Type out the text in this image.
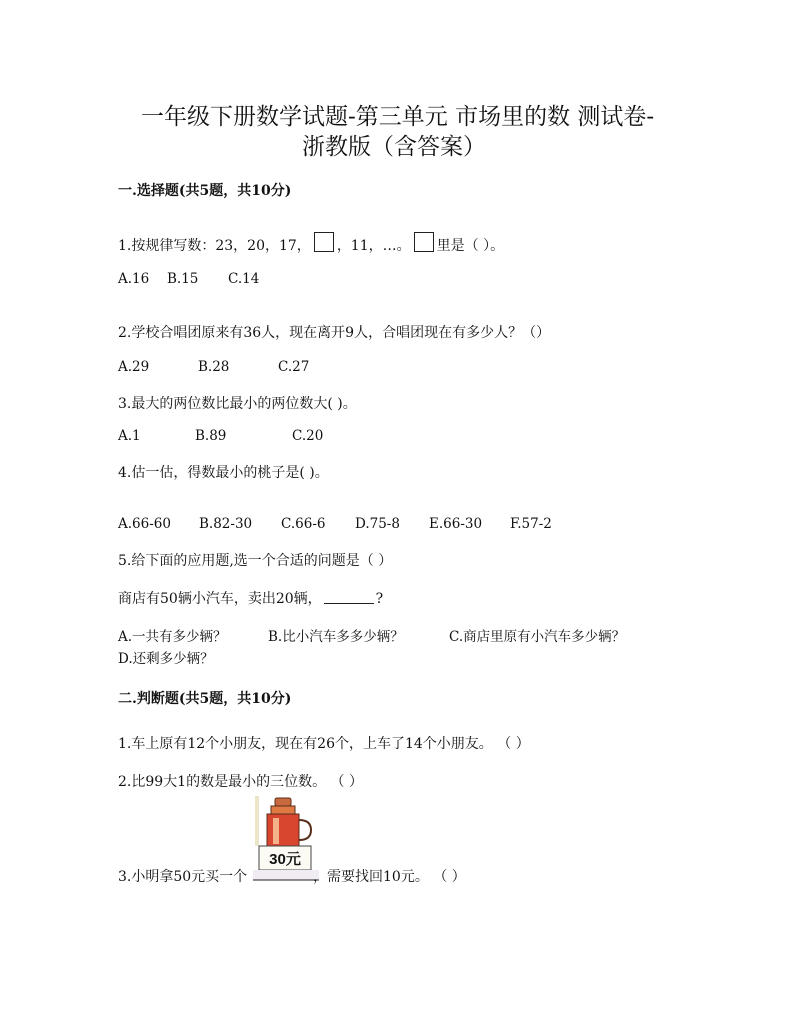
一年级下册数学试题-第三单元 市场里的数 测试卷-
浙教版（含答案）
一.选择题(共5题，共10分)
1.按规律写数：23，20，17， ，11，…。 里是（ ）。
A.16 B.15 C.14
2.学校合唱团原来有36人，现在离开9人，合唱团现在有多少人？（）
A.29	B.28	C.27
3.最大的两位数比最小的两位数大( )。
A.1	B.89	C.20
4.估一估，得数最小的桃子是( )。
A.66-60 B.82-30 C.66-6 D.75-8 E.66-30 F.57-2
5.给下面的应用题,选一个合适的问题是（ ）
商店有50辆小汽车，卖出20辆，	?
A.一共有多少辆？	B.比小汽车多多少辆？	C.商店里原有小汽车多少辆？
D.还剩多少辆？
二.判断题(共5题，共10分)
1.车上原有12个小朋友，现在有26个，上车了14个小朋友。 （ ）
2.比99大1的数是最小的三位数。 （ ）
30元
3.小明拿50元买一个	，需要找回10元。 （ ）
